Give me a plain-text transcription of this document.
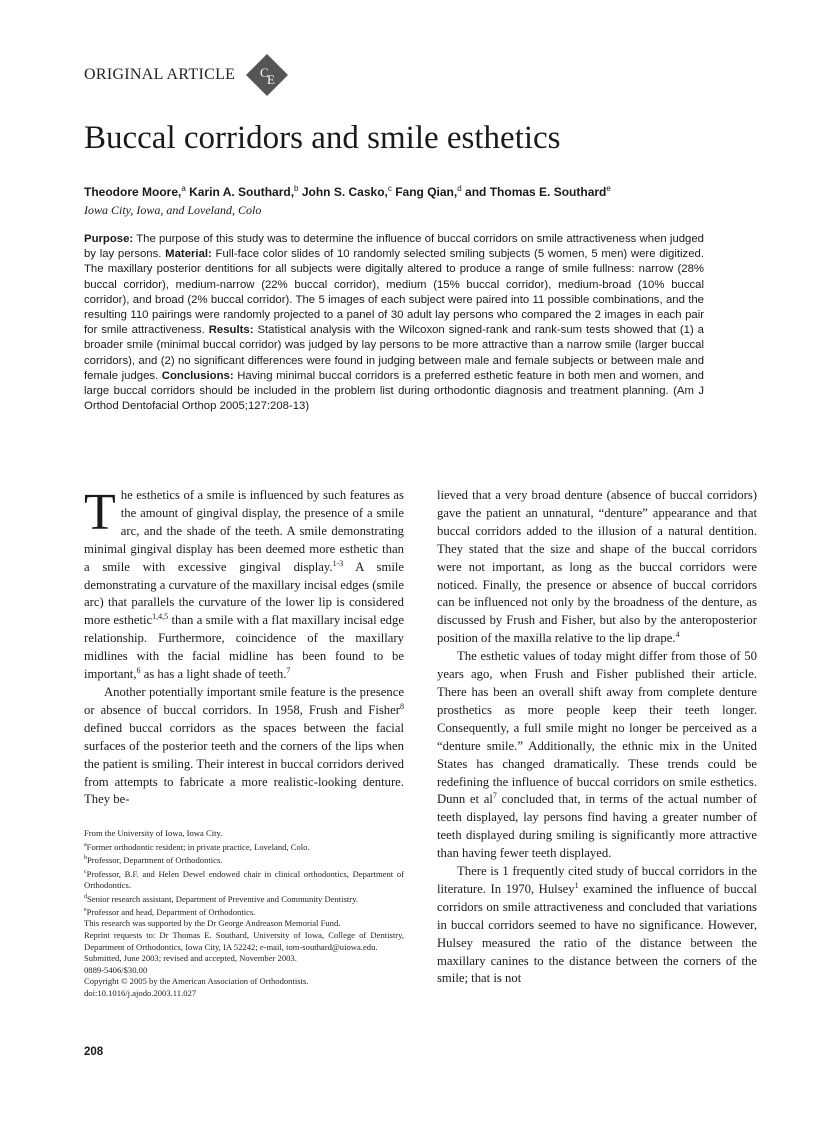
ORIGINAL ARTICLE C
E
Buccal corridors and smile esthetics
Theodore Moore,$^a$ Karin A. Southard,$^b$ John S. Casko,$^c$ Fang Qian,$^d$ and Thomas E. Southard$^e$
Iowa City, Iowa, and Loveland, Colo
Purpose: The purpose of this study was to determine the influence of buccal corridors on smile attractiveness when judged by lay persons. Material: Full-face color slides of 10 randomly selected smiling subjects (5 women, 5 men) were digitized. The maxillary posterior dentitions for all subjects were digitally altered to produce a range of smile fullness: narrow (28% buccal corridor), medium-narrow (22% buccal corridor), medium (15% buccal corridor), medium-broad (10% buccal corridor), and broad (2% buccal corridor). The 5 images of each subject were paired into 11 possible combinations, and the resulting 110 pairings were randomly projected to a panel of 30 adult lay persons who compared the 2 images in each pair for smile attractiveness. Results: Statistical analysis with the Wilcoxon signed-rank and rank-sum tests showed that (1) a broader smile (minimal buccal corridor) was judged by lay persons to be more attractive than a narrow smile (larger buccal corridors), and (2) no significant differences were found in judging between male and female subjects or between male and female judges. Conclusions: Having minimal buccal corridors is a preferred esthetic feature in both men and women, and large buccal corridors should be included in the problem list during orthodontic diagnosis and treatment planning. (Am J Orthod Dentofacial Orthop 2005;127:208-13)

The esthetics of a smile is influenced by such features as the amount of gingival display, the presence of a smile arc, and the shade of the teeth. A smile demonstrating minimal gingival display has been deemed more esthetic than a smile with excessive gingival display.$^{1-3}$ A smile demonstrating a curvature of the maxillary incisal edges (smile arc) that parallels the curvature of the lower lip is considered more esthetic$^{1,4,5}$ than a smile with a flat maxillary incisal edge relationship. Furthermore, coincidence of the maxillary midlines with the facial midline has been found to be important,$^6$ as has a light shade of teeth.$^7$

Another potentially important smile feature is the presence or absence of buccal corridors. In 1958, Frush and Fisher$^8$ defined buccal corridors as the spaces between the facial surfaces of the posterior teeth and the corners of the lips when the patient is smiling. Their interest in buccal corridors derived from attempts to fabricate a more realistic-looking denture. They be-

From the University of Iowa, Iowa City.
$^a$Former orthodontic resident; in private practice, Loveland, Colo.
$^b$Professor, Department of Orthodontics.
$^c$Professor, B.F. and Helen Dewel endowed chair in clinical orthodontics, Department of Orthodontics.
$^d$Senior research assistant, Department of Preventive and Community Dentistry.
$^e$Professor and head, Department of Orthodontics.
This research was supported by the Dr George Andreason Memorial Fund.
Reprint requests to: Dr Thomas E. Southard, University of Iowa, College of Dentistry, Department of Orthodontics, Iowa City, IA 52242; e-mail, tom-southard@uiowa.edu.
Submitted, June 2003; revised and accepted, November 2003.
0889-5406/$30.00
Copyright © 2005 by the American Association of Orthodontists.
doi:10.1016/j.ajodo.2003.11.027

lieved that a very broad denture (absence of buccal corridors) gave the patient an unnatural, “denture” appearance and that buccal corridors added to the illusion of a natural dentition. They stated that the size and shape of the buccal corridors were not important, as long as the buccal corridors were noticed. Finally, the presence or absence of buccal corridors can be influenced not only by the broadness of the denture, as discussed by Frush and Fisher, but also by the anteroposterior position of the maxilla relative to the lip drape.$^4$

The esthetic values of today might differ from those of 50 years ago, when Frush and Fisher published their article. There has been an overall shift away from complete denture prosthetics as more people keep their teeth longer. Consequently, a full smile might no longer be perceived as a “denture smile.” Additionally, the ethnic mix in the United States has changed dramatically. These trends could be redefining the influence of buccal corridors on smile esthetics. Dunn et al$^7$ concluded that, in terms of the actual number of teeth displayed, lay persons find having a greater number of teeth displayed during smiling is significantly more attractive than having fewer teeth displayed.

There is 1 frequently cited study of buccal corridors in the literature. In 1970, Hulsey$^1$ examined the influence of buccal corridors on smile attractiveness and concluded that variations in buccal corridors seemed to have no significance. However, Hulsey measured the ratio of the distance between the maxillary canines to the distance between the corners of the smile; that is not

208
